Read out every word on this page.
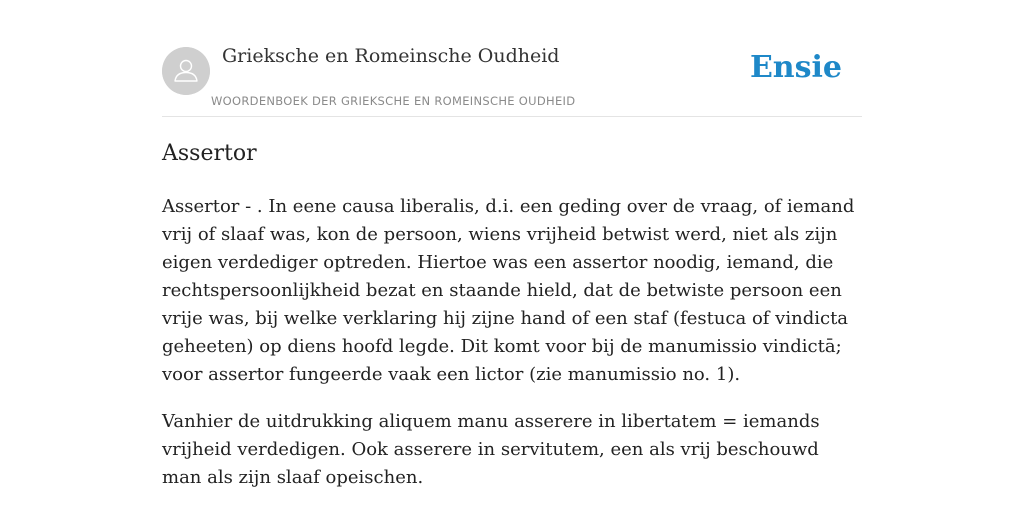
Grieksche en Romeinsche Oudheid
WOORDENBOEK DER GRIEKSCHE EN ROMEINSCHE OUDHEID
Ensie
Assertor

Assertor - . In eene causa liberalis, d.i. een geding over de vraag, of iemand vrij of slaaf was, kon de persoon, wiens vrijheid betwist werd, niet als zijn eigen verdediger optreden. Hiertoe was een assertor noodig, iemand, die rechtspersoonlijkheid bezat en staande hield, dat de betwiste persoon een vrije was, bij welke verklaring hij zijne hand of een staf (festuca of vindicta geheeten) op diens hoofd legde. Dit komt voor bij de manumissio vindictā; voor assertor fungeerde vaak een lictor (zie manumissio no. 1).

Vanhier de uitdrukking aliquem manu asserere in libertatem = iemands vrijheid verdedigen. Ook asserere in servitutem, een als vrij beschouwd man als zijn slaaf opeischen.
